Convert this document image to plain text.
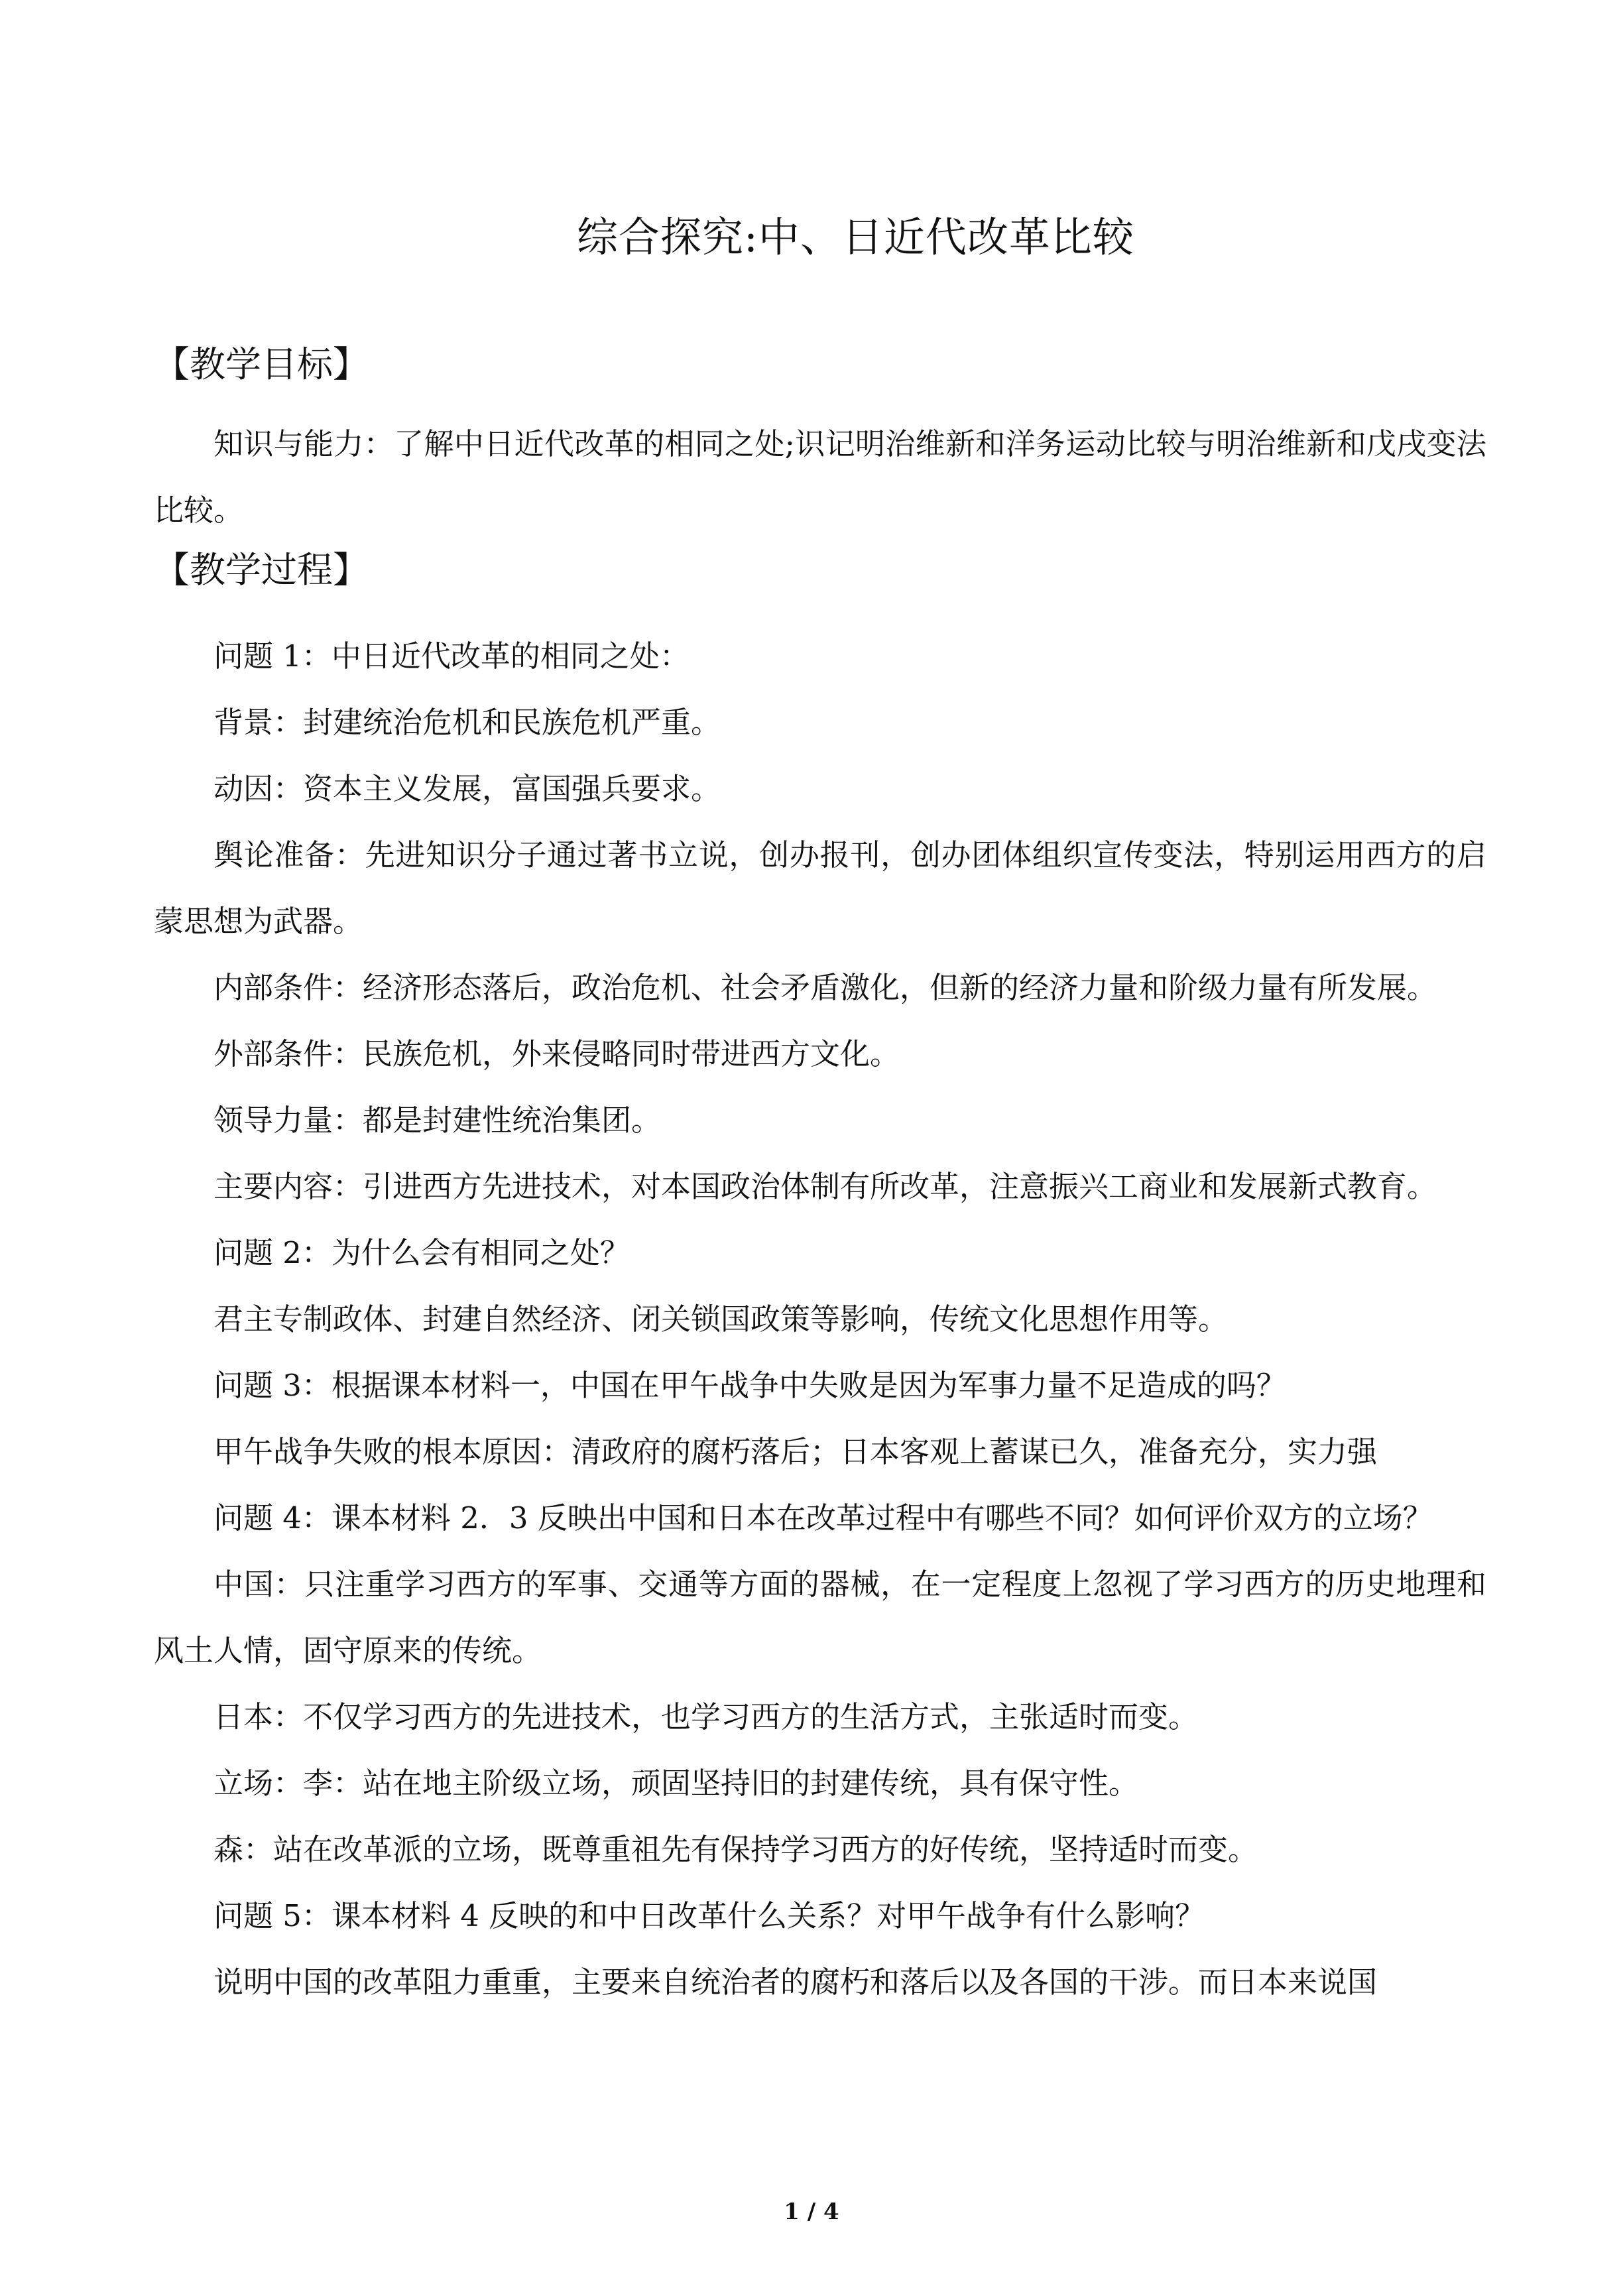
综合探究:中、日近代改革比较
【教学目标】

知识与能力：了解中日近代改革的相同之处;识记明治维新和洋务运动比较与明治维新和戊戌变法比较。

【教学过程】

问题 1：中日近代改革的相同之处：

背景：封建统治危机和民族危机严重。

动因：资本主义发展，富国强兵要求。

舆论准备：先进知识分子通过著书立说，创办报刊，创办团体组织宣传变法，特别运用西方的启蒙思想为武器。

内部条件：经济形态落后，政治危机、社会矛盾激化，但新的经济力量和阶级力量有所发展。

外部条件：民族危机，外来侵略同时带进西方文化。

领导力量：都是封建性统治集团。

主要内容：引进西方先进技术，对本国政治体制有所改革，注意振兴工商业和发展新式教育。

问题 2：为什么会有相同之处？

君主专制政体、封建自然经济、闭关锁国政策等影响，传统文化思想作用等。

问题 3：根据课本材料一，中国在甲午战争中失败是因为军事力量不足造成的吗？

甲午战争失败的根本原因：清政府的腐朽落后；日本客观上蓄谋已久，准备充分，实力强

问题 4：课本材料 2．3 反映出中国和日本在改革过程中有哪些不同？如何评价双方的立场？

中国：只注重学习西方的军事、交通等方面的器械，在一定程度上忽视了学习西方的历史地理和风土人情，固守原来的传统。

日本：不仅学习西方的先进技术，也学习西方的生活方式，主张适时而变。

立场：李：站在地主阶级立场，顽固坚持旧的封建传统，具有保守性。

森：站在改革派的立场，既尊重祖先有保持学习西方的好传统，坚持适时而变。

问题 5：课本材料 4 反映的和中日改革什么关系？对甲午战争有什么影响？

说明中国的改革阻力重重，主要来自统治者的腐朽和落后以及各国的干涉。而日本来说国

1 / 4
